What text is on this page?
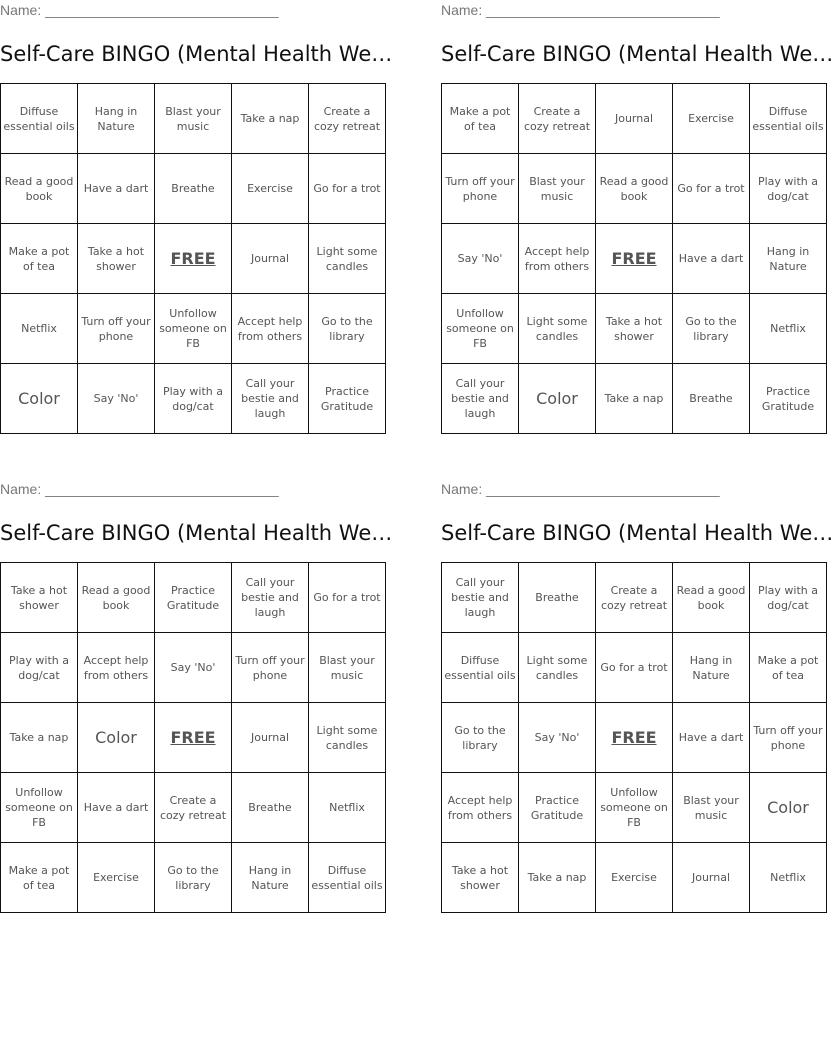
Name: ______________________________
Self-Care BINGO (Mental Health We…
Diffuse essential oils	Hang in Nature	Blast your music	Take a nap	Create a cozy retreat
Read a good book	Have a dart	Breathe	Exercise	Go for a trot
Make a pot of tea	Take a hot shower	FREE	Journal	Light some candles
Netflix	Turn off your phone	Unfollow someone on FB	Accept help from others	Go to the library
Color	Say 'No'	Play with a dog/cat	Call your bestie and laugh	Practice Gratitude
Name: ______________________________
Self-Care BINGO (Mental Health We…
Make a pot of tea	Create a cozy retreat	Journal	Exercise	Diffuse essential oils
Turn off your phone	Blast your music	Read a good book	Go for a trot	Play with a dog/cat
Say 'No'	Accept help from others	FREE	Have a dart	Hang in Nature
Unfollow someone on FB	Light some candles	Take a hot shower	Go to the library	Netflix
Call your bestie and laugh	Color	Take a nap	Breathe	Practice Gratitude
Name: ______________________________
Self-Care BINGO (Mental Health We…
Take a hot shower	Read a good book	Practice Gratitude	Call your bestie and laugh	Go for a trot
Play with a dog/cat	Accept help from others	Say 'No'	Turn off your phone	Blast your music
Take a nap	Color	FREE	Journal	Light some candles
Unfollow someone on FB	Have a dart	Create a cozy retreat	Breathe	Netflix
Make a pot of tea	Exercise	Go to the library	Hang in Nature	Diffuse essential oils
Name: ______________________________
Self-Care BINGO (Mental Health We…
Call your bestie and laugh	Breathe	Create a cozy retreat	Read a good book	Play with a dog/cat
Diffuse essential oils	Light some candles	Go for a trot	Hang in Nature	Make a pot of tea
Go to the library	Say 'No'	FREE	Have a dart	Turn off your phone
Accept help from others	Practice Gratitude	Unfollow someone on FB	Blast your music	Color
Take a hot shower	Take a nap	Exercise	Journal	Netflix
